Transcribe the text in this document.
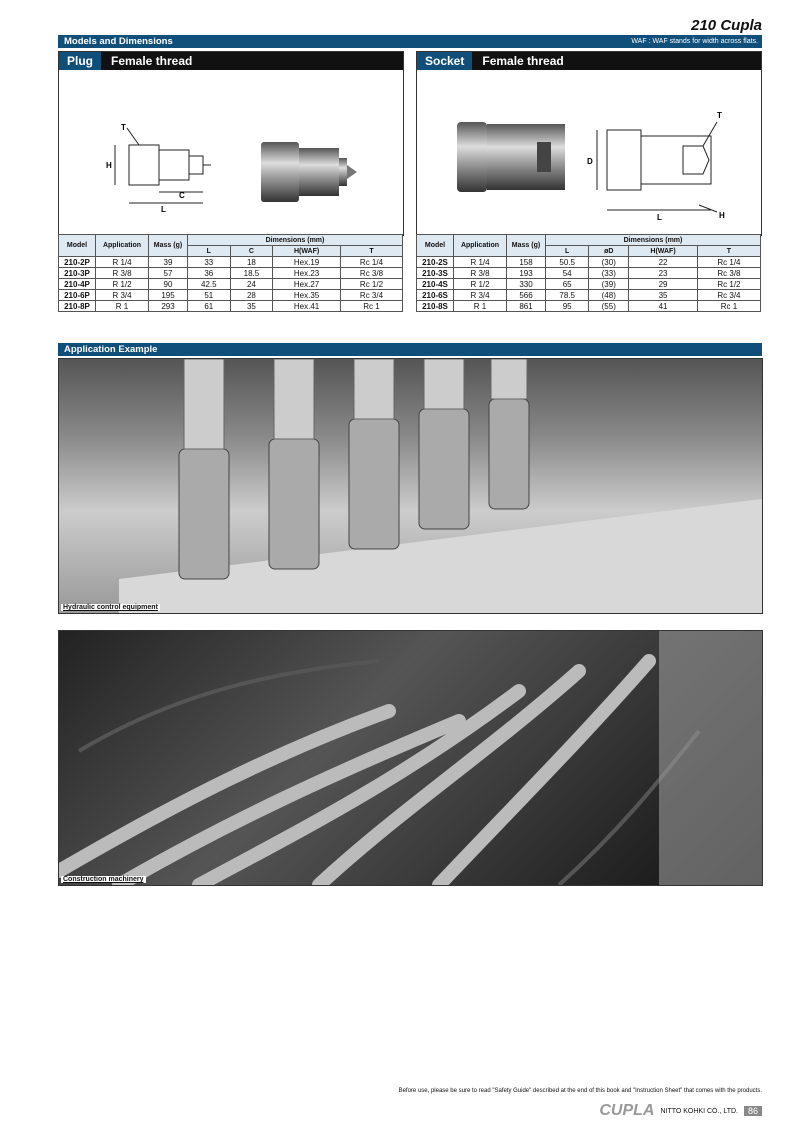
210 Cupla
Models and Dimensions	WAF : WAF stands for width across flats.
Plug Female thread
T
H
C
L
Socket Female thread
T
D
L	H
Model	Application	Mass (g)	Dimensions (mm)			
			L	C	H(WAF)	T
210-2P	R 1/4	39	33	18	Hex.19	Rc 1/4
210-3P	R 3/8	57	36	18.5	Hex.23	Rc 3/8
210-4P	R 1/2	90	42.5	24	Hex.27	Rc 1/2
210-6P	R 3/4	195	51	28	Hex.35	Rc 3/4
210-8P	R 1	293	61	35	Hex.41	Rc 1
Model	Application	Mass (g)	Dimensions (mm)			
			L	øD	H(WAF)	T
210-2S	R 1/4	158	50.5	(30)	22	Rc 1/4
210-3S	R 3/8	193	54	(33)	23	Rc 3/8
210-4S	R 1/2	330	65	(39)	29	Rc 1/2
210-6S	R 3/4	566	78.5	(48)	35	Rc 3/4
210-8S	R 1	861	95	(55)	41	Rc 1
Application Example
Hydraulic control equipment
Construction machinery
Before use, please be sure to read "Safety Guide" described at the end of this book and "Instruction Sheet" that comes with the products.
CUPLA NITTO KOHKI CO., LTD.	86
